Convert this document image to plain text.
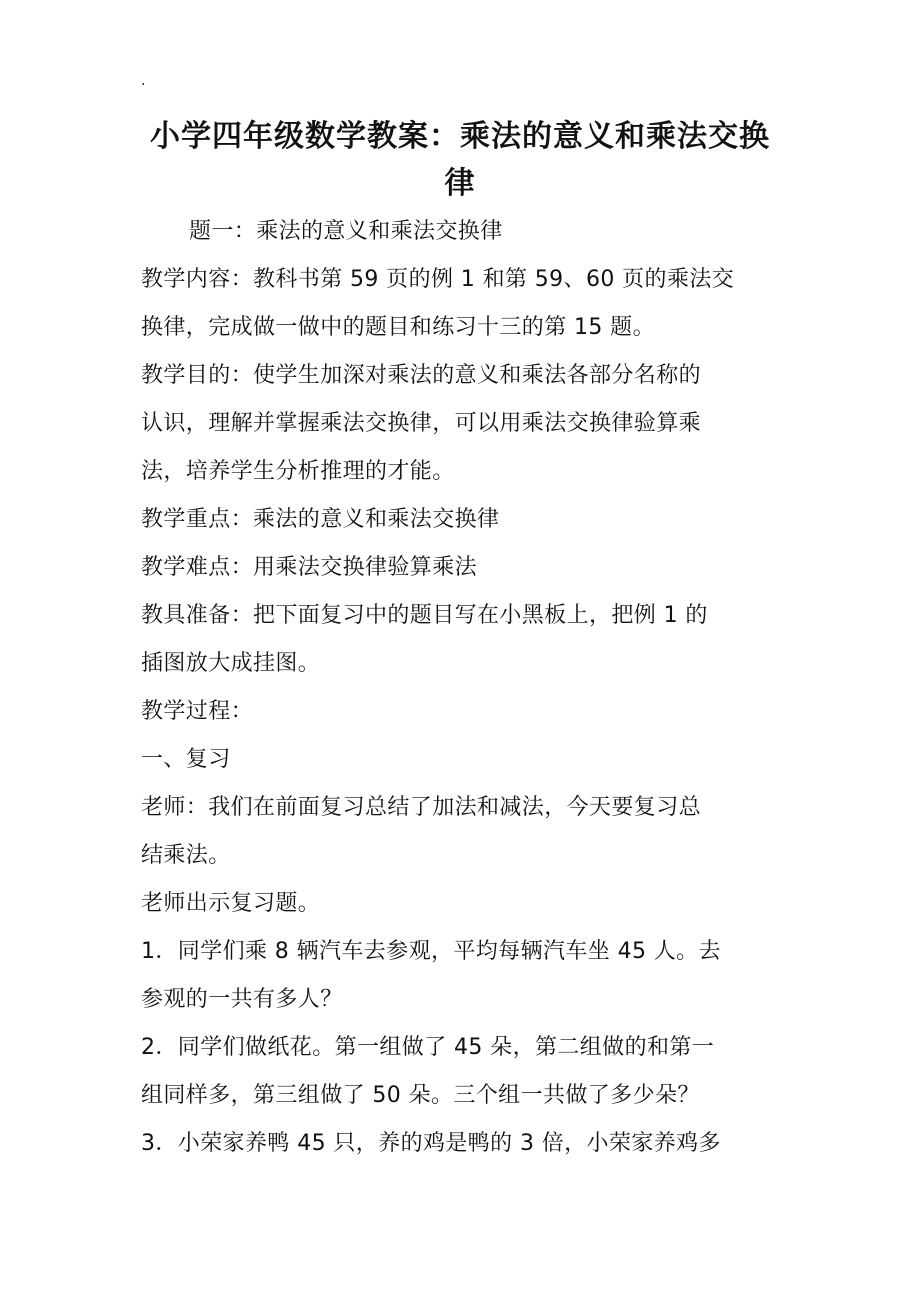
.
小学四年级数学教案：乘法的意义和乘法交换
律
题一：乘法的意义和乘法交换律
教学内容：教科书第 59 页的例 1 和第 59、60 页的乘法交
换律，完成做一做中的题目和练习十三的第 15 题。
教学目的：使学生加深对乘法的意义和乘法各部分名称的
认识，理解并掌握乘法交换律，可以用乘法交换律验算乘
法，培养学生分析推理的才能。
教学重点：乘法的意义和乘法交换律
教学难点：用乘法交换律验算乘法
教具准备：把下面复习中的题目写在小黑板上，把例 1 的
插图放大成挂图。
教学过程：
一、复习
老师：我们在前面复习总结了加法和减法，今天要复习总
结乘法。
老师出示复习题。
1．同学们乘 8 辆汽车去参观，平均每辆汽车坐 45 人。去
参观的一共有多人？
2．同学们做纸花。第一组做了 45 朵，第二组做的和第一
组同样多，第三组做了 50 朵。三个组一共做了多少朵？
3．小荣家养鸭 45 只，养的鸡是鸭的 3 倍，小荣家养鸡多
